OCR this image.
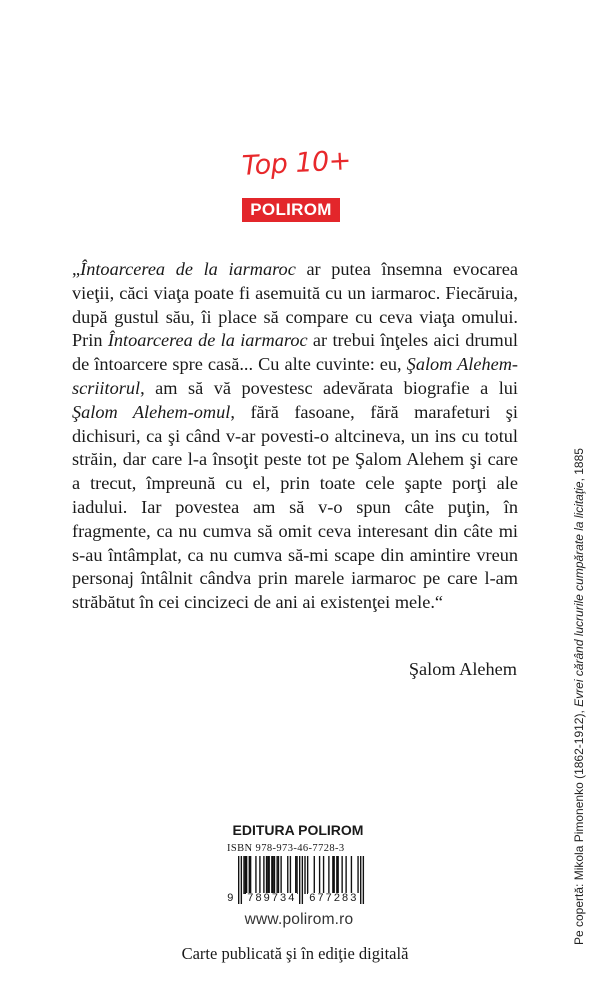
Top 10+
POLIROM

„Întoarcerea de la iarmaroc ar putea însemna evocarea vieţii, căci viaţa poate fi asemuită cu un iarmaroc. Fiecăruia, după gustul său, îi place să compare cu ceva viaţa omului. Prin Întoarcerea de la iarmaroc ar trebui înţeles aici drumul de întoarcere spre casă... Cu alte cuvinte: eu, Şalom Alehem-scriitorul, am să vă povestesc adevărata biografie a lui Şalom Alehem-omul, fără fasoane, fără marafeturi şi dichisuri, ca şi când v-ar povesti-o altcineva, un ins cu totul străin, dar care l-a însoţit peste tot pe Şalom Alehem şi care a trecut, împreună cu el, prin toate cele şapte porţi ale iadului. Iar povestea am să v-o spun câte puţin, în fragmente, ca nu cumva să omit ceva interesant din câte mi s-au întâmplat, ca nu cumva să-mi scape din amintire vreun personaj întâlnit cândva prin marele iarmaroc pe care l-am străbătut în cei cincizeci de ani ai existenţei mele.“

Şalom Alehem
EDITURA POLIROM
ISBN 978-973-46-7728-3
9 789734 677283
www.polirom.ro
Carte publicată şi în ediţie digitală
Pe copertă: Mikola Pimonenko (1862-1912), Evrei cărând lucrurile cumpărate la licitaţie, 1885
